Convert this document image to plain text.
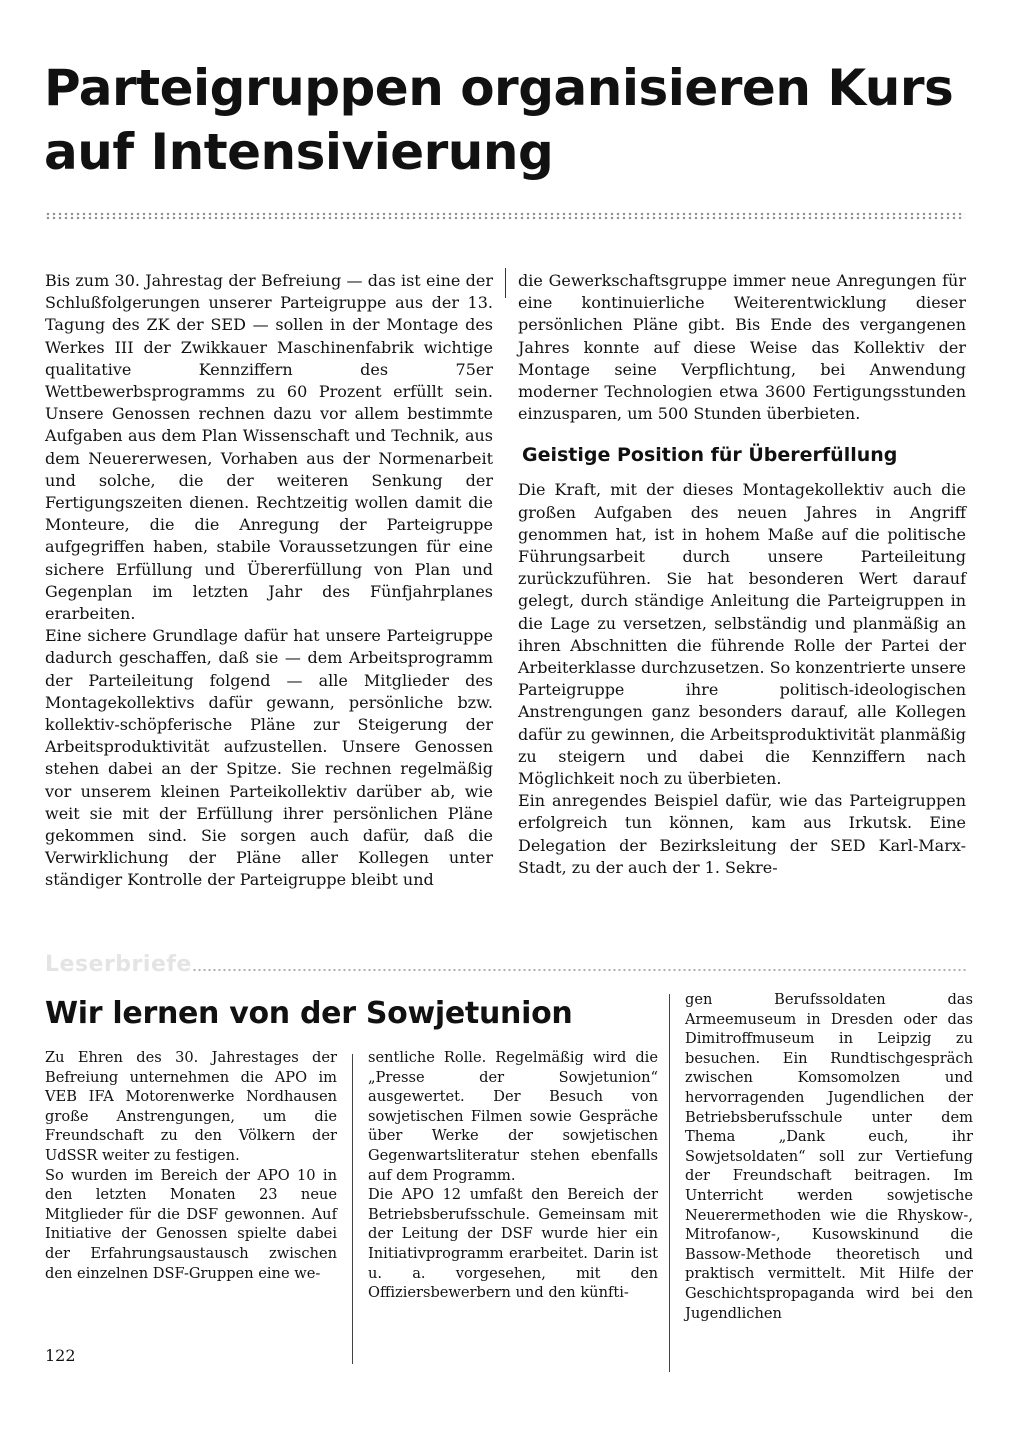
Parteigruppen organisieren Kurs auf Intensivierung

Bis zum 30. Jahrestag der Befreiung — das ist eine der Schlußfolgerungen unserer Parteigruppe aus der 13. Tagung des ZK der SED — sollen in der Montage des Werkes III der Zwikkauer Maschinenfabrik wichtige qualitative Kennziffern des 75er Wettbewerbsprogramms zu 60 Prozent erfüllt sein. Unsere Genossen rechnen dazu vor allem bestimmte Aufgaben aus dem Plan Wissenschaft und Technik, aus dem Neuererwesen, Vorhaben aus der Normenarbeit und solche, die der weiteren Senkung der Fertigungszeiten dienen. Rechtzeitig wollen damit die Monteure, die die Anregung der Parteigruppe aufgegriffen haben, stabile Voraussetzungen für eine sichere Erfüllung und Übererfüllung von Plan und Gegenplan im letzten Jahr des Fünfjahrplanes erarbeiten.

Eine sichere Grundlage dafür hat unsere Parteigruppe dadurch geschaffen, daß sie — dem Arbeitsprogramm der Parteileitung folgend — alle Mitglieder des Montagekollektivs dafür gewann, persönliche bzw. kollektiv-schöpferische Pläne zur Steigerung der Arbeitsproduktivität aufzustellen. Unsere Genossen stehen dabei an der Spitze. Sie rechnen regelmäßig vor unserem kleinen Parteikollektiv darüber ab, wie weit sie mit der Erfüllung ihrer persönlichen Pläne gekommen sind. Sie sorgen auch dafür, daß die Verwirklichung der Pläne aller Kollegen unter ständiger Kontrolle der Parteigruppe bleibt und

die Gewerkschaftsgruppe immer neue Anregungen für eine kontinuierliche Weiterentwicklung dieser persönlichen Pläne gibt. Bis Ende des vergangenen Jahres konnte auf diese Weise das Kollektiv der Montage seine Verpflichtung, bei Anwendung moderner Technologien etwa 3600 Fertigungsstunden einzusparen, um 500 Stunden überbieten.

Geistige Position für Übererfüllung

Die Kraft, mit der dieses Montagekollektiv auch die großen Aufgaben des neuen Jahres in Angriff genommen hat, ist in hohem Maße auf die politische Führungsarbeit durch unsere Parteileitung zurückzuführen. Sie hat besonderen Wert darauf gelegt, durch ständige Anleitung die Parteigruppen in die Lage zu versetzen, selbständig und planmäßig an ihren Abschnitten die führende Rolle der Partei der Arbeiterklasse durchzusetzen. So konzentrierte unsere Parteigruppe ihre politisch-ideologischen Anstrengungen ganz besonders darauf, alle Kollegen dafür zu gewinnen, die Arbeitsproduktivität planmäßig zu steigern und dabei die Kennziffern nach Möglichkeit noch zu überbieten.

Ein anregendes Beispiel dafür, wie das Parteigruppen erfolgreich tun können, kam aus Irkutsk. Eine Delegation der Bezirksleitung der SED Karl-Marx-Stadt, zu der auch der 1. Sekre-

Leserbriefe
Wir lernen von der Sowjetunion

Zu Ehren des 30. Jahrestages der Befreiung unternehmen die APO im VEB IFA Motorenwerke Nordhausen große Anstrengungen, um die Freundschaft zu den Völkern der UdSSR weiter zu festigen.

So wurden im Bereich der APO 10 in den letzten Monaten 23 neue Mitglieder für die DSF gewonnen. Auf Initiative der Genossen spielte dabei der Erfahrungsaustausch zwischen den einzelnen DSF-Gruppen eine we-

sentliche Rolle. Regelmäßig wird die „Presse der Sowjetunion“ ausgewertet. Der Besuch von sowjetischen Filmen sowie Gespräche über Werke der sowjetischen Gegenwartsliteratur stehen ebenfalls auf dem Programm.

Die APO 12 umfaßt den Bereich der Betriebsberufsschule. Gemeinsam mit der Leitung der DSF wurde hier ein Initiativprogramm erarbeitet. Darin ist u. a. vorgesehen, mit den Offiziersbewerbern und den künfti-

gen Berufssoldaten das Armeemuseum in Dresden oder das Dimitroffmuseum in Leipzig zu besuchen. Ein Rundtischgespräch zwischen Komsomolzen und hervorragenden Jugendlichen der Betriebsberufsschule unter dem Thema „Dank euch, ihr Sowjetsoldaten“ soll zur Vertiefung der Freundschaft beitragen. Im Unterricht werden sowjetische Neuerermethoden wie die Rhyskow-, Mitrofanow-, Kusowskinund die Bassow-Methode theoretisch und praktisch vermittelt. Mit Hilfe der Geschichtspropaganda wird bei den Jugendlichen

122
